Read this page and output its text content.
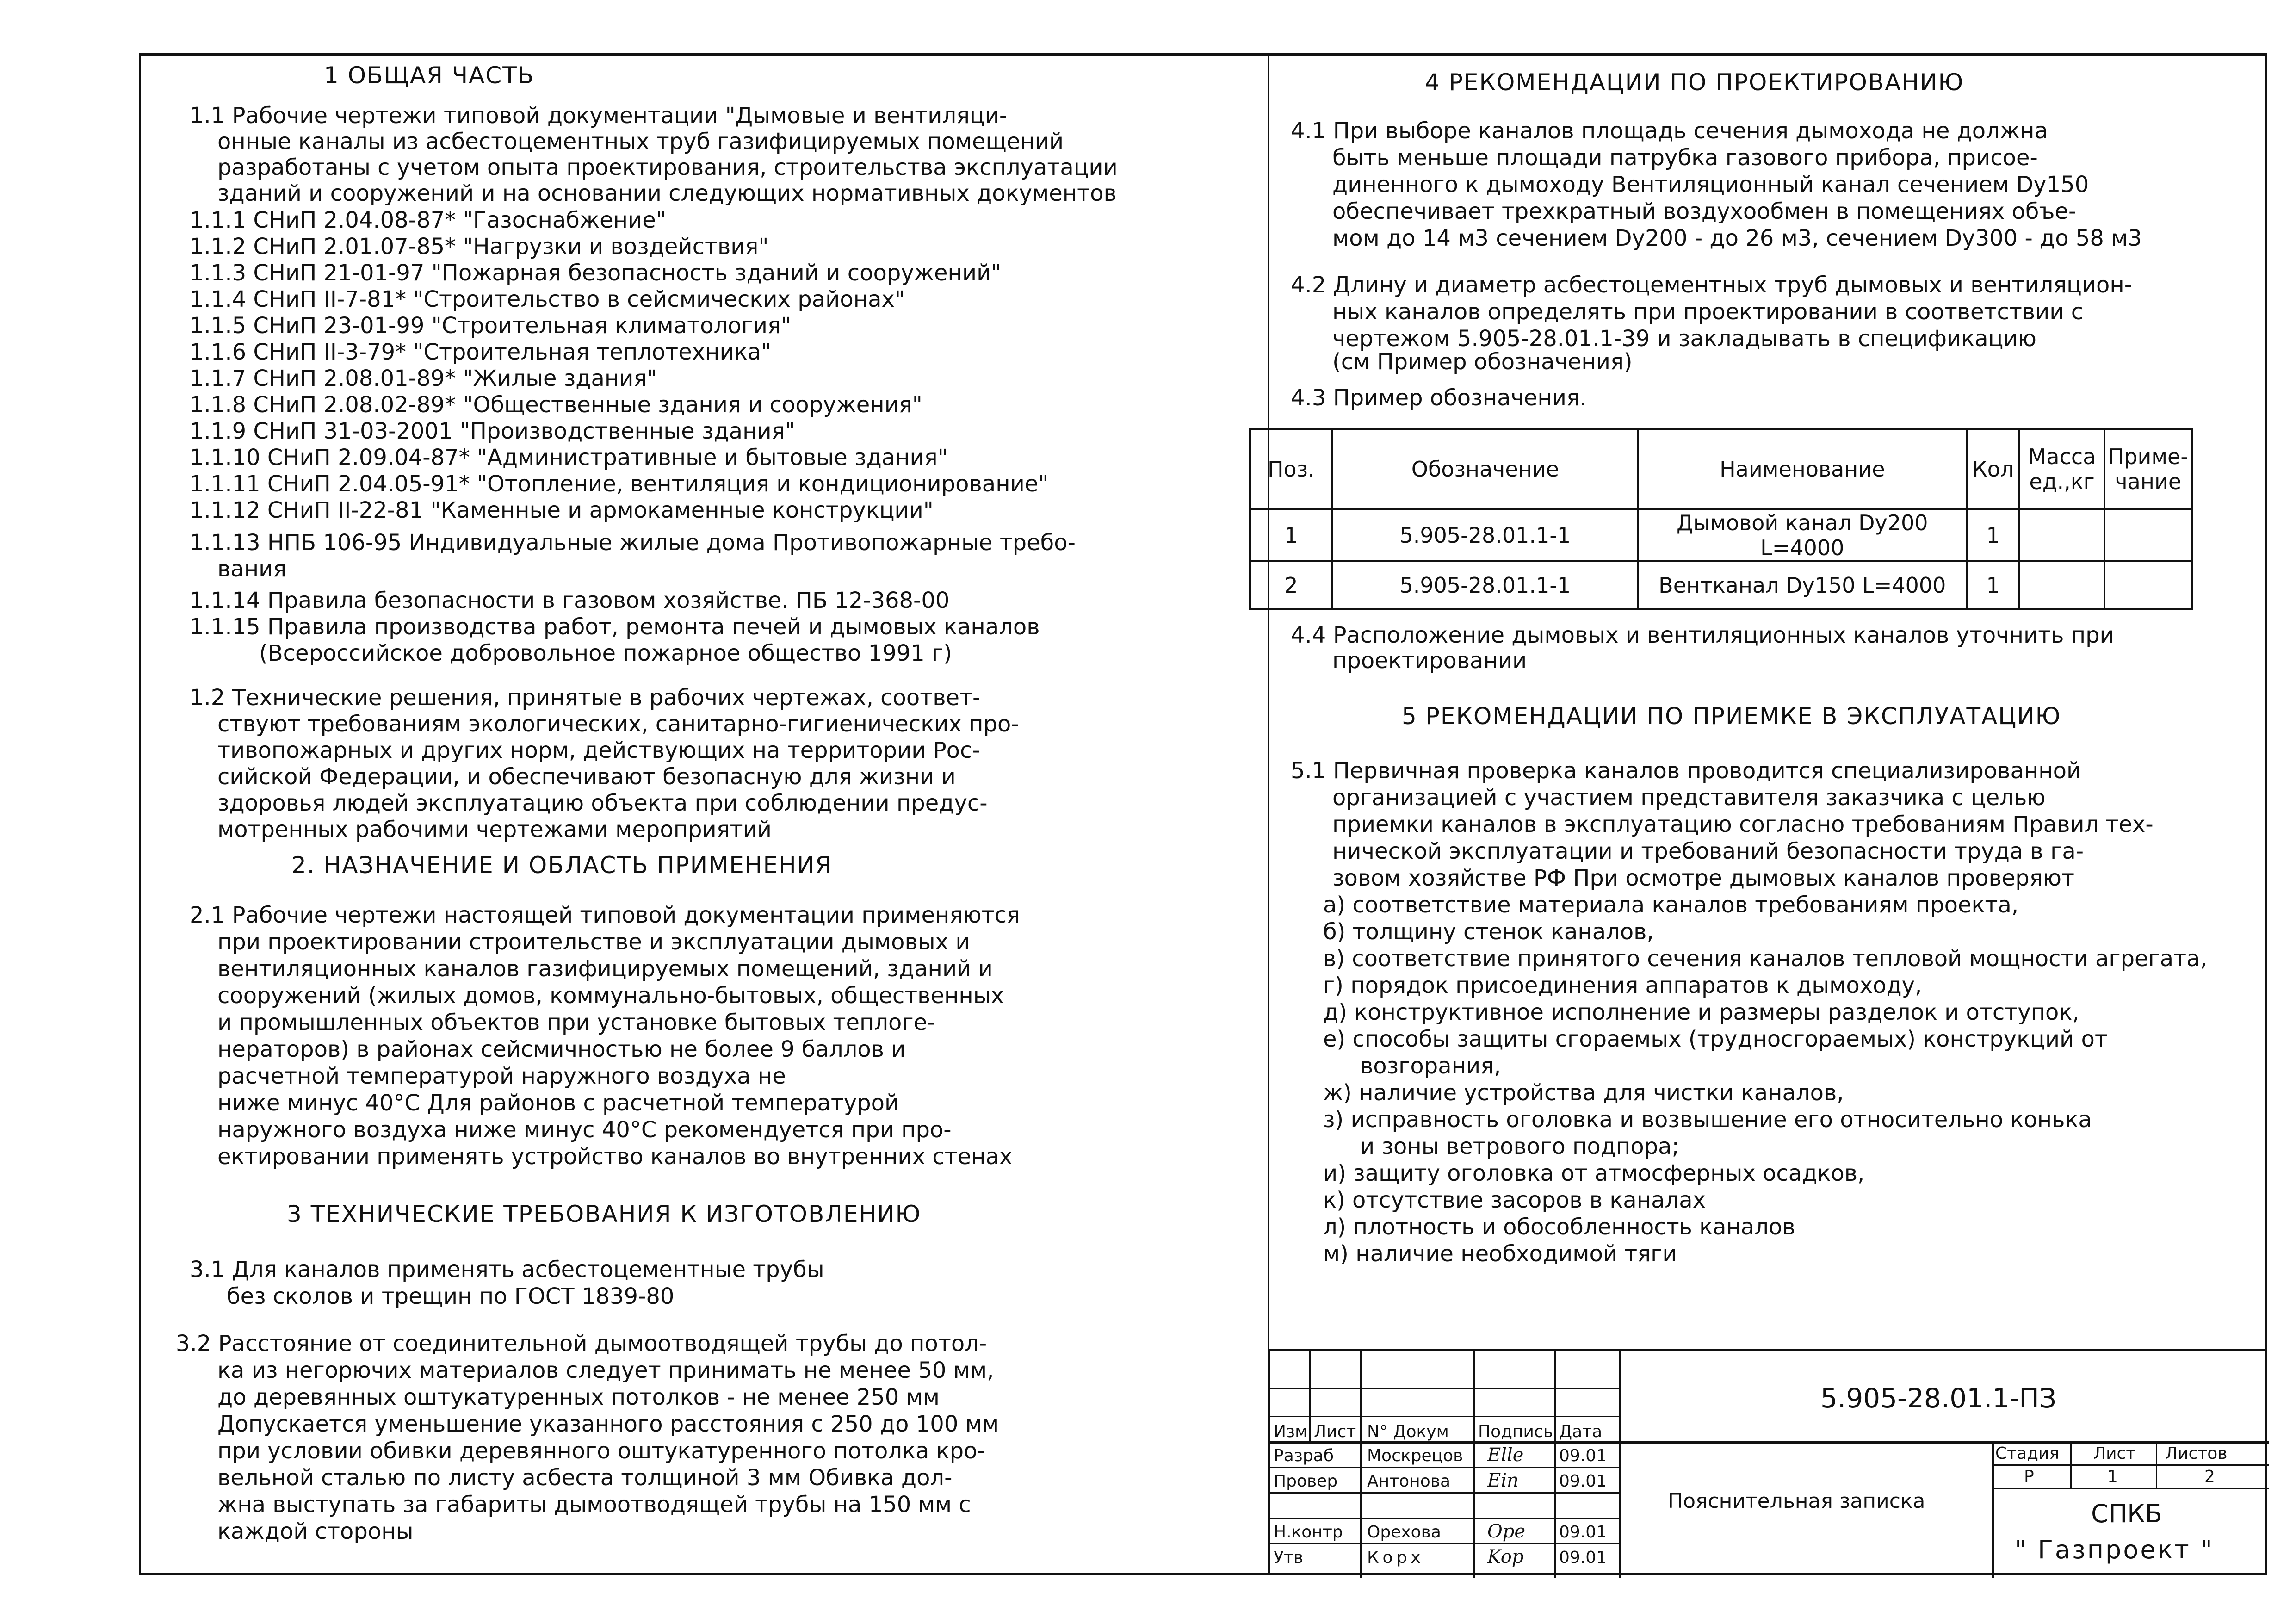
1 ОБЩАЯ ЧАСТЬ
1.1 Рабочие чертежи типовой документации "Дымовые и вентиляци-
онные каналы из асбестоцементных труб газифицируемых помещений
разработаны с учетом опыта проектирования, строительства эксплуатации
зданий и сооружений и на основании следующих нормативных документов
1.1.1 СНиП 2.04.08-87* "Газоснабжение"
1.1.2 СНиП 2.01.07-85* "Нагрузки и воздействия"
1.1.3 СНиП 21-01-97 "Пожарная безопасность зданий и сооружений"
1.1.4 СНиП II-7-81* "Строительство в сейсмических районах"
1.1.5 СНиП 23-01-99 "Строительная климатология"
1.1.6 СНиП II-3-79* "Строительная теплотехника"
1.1.7 СНиП 2.08.01-89* "Жилые здания"
1.1.8 СНиП 2.08.02-89* "Общественные здания и сооружения"
1.1.9 СНиП 31-03-2001 "Производственные здания"
1.1.10 СНиП 2.09.04-87* "Административные и бытовые здания"
1.1.11 СНиП 2.04.05-91* "Отопление, вентиляция и кондиционирование"
1.1.12 СНиП II-22-81 "Каменные и армокаменные конструкции"
1.1.13 НПБ 106-95 Индивидуальные жилые дома Противопожарные требо-
вания
1.1.14 Правила безопасности в газовом хозяйстве. ПБ 12-368-00
1.1.15 Правила производства работ, ремонта печей и дымовых каналов
(Всероссийское добровольное пожарное общество 1991 г)
1.2 Технические решения, принятые в рабочих чертежах, соответ-
ствуют требованиям экологических, санитарно-гигиенических про-
тивопожарных и других норм, действующих на территории Рос-
сийской Федерации, и обеспечивают безопасную для жизни и
здоровья людей эксплуатацию объекта при соблюдении предус-
мотренных рабочими чертежами мероприятий
2. НАЗНАЧЕНИЕ И ОБЛАСТЬ ПРИМЕНЕНИЯ
2.1 Рабочие чертежи настоящей типовой документации применяются
при проектировании строительстве и эксплуатации дымовых и
вентиляционных каналов газифицируемых помещений, зданий и
сооружений (жилых домов, коммунально-бытовых, общественных
и промышленных объектов при установке бытовых теплоге-
нераторов) в районах сейсмичностью не более 9 баллов и
расчетной температурой наружного воздуха не
ниже минус 40°С Для районов с расчетной температурой
наружного воздуха ниже минус 40°С рекомендуется при про-
ектировании применять устройство каналов во внутренних стенах
3 ТЕХНИЧЕСКИЕ ТРЕБОВАНИЯ К ИЗГОТОВЛЕНИЮ
3.1 Для каналов применять асбестоцементные трубы
без сколов и трещин по ГОСТ 1839-80
3.2 Расстояние от соединительной дымоотводящей трубы до потол-
ка из негорючих материалов следует принимать не менее 50 мм,
до деревянных оштукатуренных потолков - не менее 250 мм
Допускается уменьшение указанного расстояния с 250 до 100 мм
при условии обивки деревянного оштукатуренного потолка кро-
вельной сталью по листу асбеста толщиной 3 мм Обивка дол-
жна выступать за габариты дымоотводящей трубы на 150 мм с
каждой стороны
4 РЕКОМЕНДАЦИИ ПО ПРОЕКТИРОВАНИЮ
4.1 При выборе каналов площадь сечения дымохода не должна
быть меньше площади патрубка газового прибора, присое-
диненного к дымоходу Вентиляционный канал сечением Dy150
обеспечивает трехкратный воздухообмен в помещениях объе-
мом до 14 м3 сечением Dy200 - до 26 м3, сечением Dy300 - до 58 м3
4.2 Длину и диаметр асбестоцементных труб дымовых и вентиляцион-
ных каналов определять при проектировании в соответствии с
чертежом 5.905-28.01.1-39 и закладывать в спецификацию
(см Пример обозначения)
4.3 Пример обозначения.
Поз.	Обозначение	Наименование	Кол	Масса ед.,кг	Приме- чание
1	5.905-28.01.1-1	Дымовой канал Dy200 L=4000	1		
2	5.905-28.01.1-1	Вентканал Dy150 L=4000	1		
4.4 Расположение дымовых и вентиляционных каналов уточнить при
проектировании
5 РЕКОМЕНДАЦИИ ПО ПРИЕМКЕ В ЭКСПЛУАТАЦИЮ
5.1 Первичная проверка каналов проводится специализированной
организацией с участием представителя заказчика с целью
приемки каналов в эксплуатацию согласно требованиям Правил тех-
нической эксплуатации и требований безопасности труда в га-
зовом хозяйстве РФ При осмотре дымовых каналов проверяют
а) соответствие материала каналов требованиям проекта,
б) толщину стенок каналов,
в) соответствие принятого сечения каналов тепловой мощности агрегата,
г) порядок присоединения аппаратов к дымоходу,
д) конструктивное исполнение и размеры разделок и отступок,
е) способы защиты сгораемых (трудносгораемых) конструкций от
возгорания,
ж) наличие устройства для чистки каналов,
з) исправность оголовка и возвышение его относительно конька
и зоны ветрового подпора;
и) защиту оголовка от атмосферных осадков,
к) отсутствие засоров в каналах
л) плотность и обособленность каналов
м) наличие необходимой тяги
5.905-28.01.1-ПЗ
Изм Лист N° Докум Подпись Дата
Разраб Москрецов Elle 09.01
Провер Антонова Ein 09.01
Н.контр Орехова	Ope 09.01
Утв	Корх	Kop 09.01
Пояснительная записка
Стадия Лист Листов
Р	1	2
СПКБ
" Газпроект "
